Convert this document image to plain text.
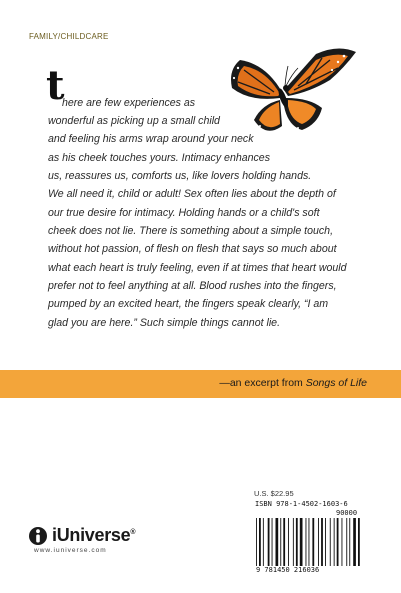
FAMILY/CHILDCARE
t
here are few experiences as
wonderful as picking up a small child
and feeling his arms wrap around your neck
as his cheek touches yours. Intimacy enhances
us, reassures us, comforts us, like lovers holding hands.
We all need it, child or adult! Sex often lies about the depth of
our true desire for intimacy. Holding hands or a child's soft
cheek does not lie. There is something about a simple touch,
without hot passion, of flesh on flesh that says so much about
what each heart is truly feeling, even if at times that heart would
prefer not to feel anything at all. Blood rushes into the fingers,
pumped by an excited heart, the fingers speak clearly, “I am
glad you are here.” Such simple things cannot lie.
—an excerpt from Songs of Life
U.S. $22.95
ISBN 978-1-4502-1603-6
90000
9 781450 216036
iUniverse®
www.iuniverse.com
